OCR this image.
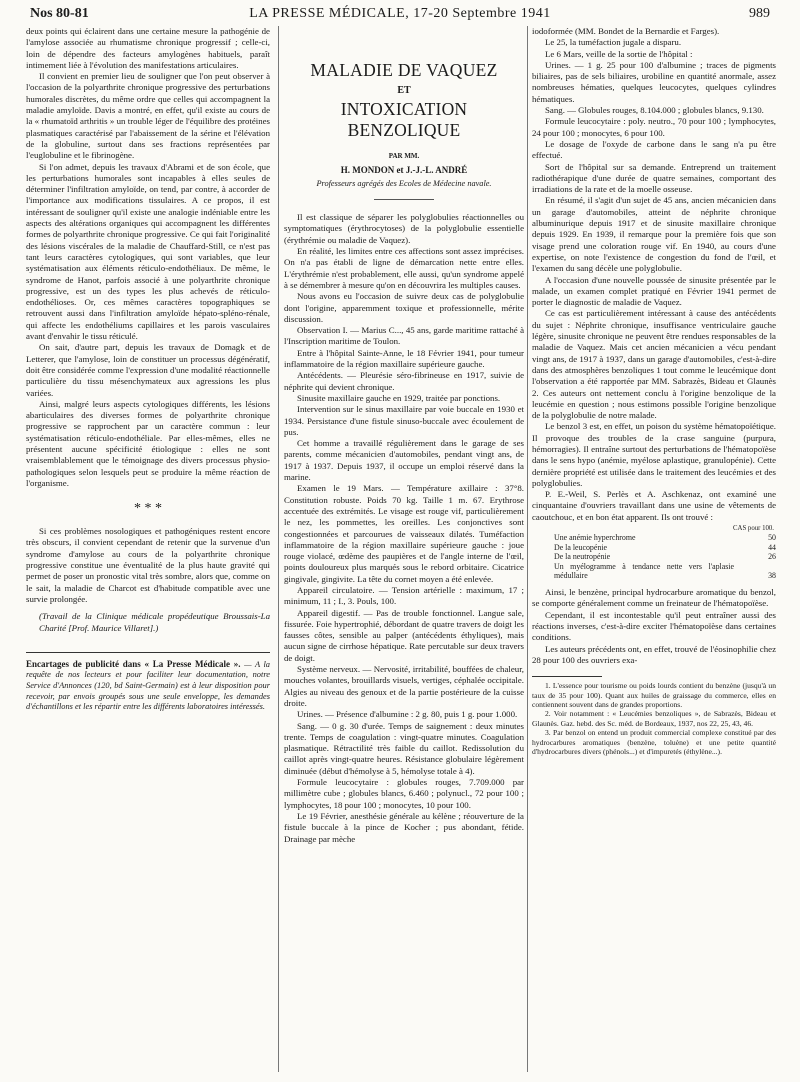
Nos 80-81	LA PRESSE MÉDICALE, 17-20 Septembre 1941	989

deux points qui éclairent dans une certaine mesure la pathogénie de l'amylose associée au rhumatisme chronique progressif ; celle-ci, loin de dépendre des facteurs amylogènes habituels, paraît intimement liée à l'évolution des manifestations articulaires.

Il convient en premier lieu de souligner que l'on peut observer à l'occasion de la polyarthrite chronique progressive des perturbations humorales discrètes, du même ordre que celles qui accompagnent la maladie amyloïde. Davis a montré, en effet, qu'il existe au cours de la « rhumatoïd arthritis » un trouble léger de l'équilibre des protéines plasmatiques caractérisé par l'abaissement de la sérine et l'élévation de la globuline, surtout dans ses fractions représentées par l'euglobuline et le fibrinogène.

Si l'on admet, depuis les travaux d'Abrami et de son école, que les perturbations humorales sont incapables à elles seules de déterminer l'infiltration amyloïde, on tend, par contre, à accorder de l'importance aux modifications tissulaires. A ce propos, il est intéressant de souligner qu'il existe une analogie indéniable entre les aspects des altérations organiques qui accompagnent les différentes formes de polyarthrite chronique progressive. Ce qui fait l'originalité des lésions viscérales de la maladie de Chauffard-Still, ce n'est pas tant leurs caractères cytologiques, qui sont variables, que leur systématisation aux éléments réticulo-endothéliaux. De même, le syndrome de Hanot, parfois associé à une polyarthrite chronique progressive, est un des types les plus achevés de réticulo-endothélioses. Or, ces mêmes caractères topographiques se retrouvent aussi dans l'infiltration amyloïde hépato-spléno-rénale, qui affecte les endothéliums capillaires et les parois vasculaires avant d'envahir le tissu réticulé.

On sait, d'autre part, depuis les travaux de Domagk et de Letterer, que l'amylose, loin de constituer un processus dégénératif, doit être considérée comme l'expression d'une modalité réactionnelle particulière du tissu mésenchymateux aux agressions les plus variées.

Ainsi, malgré leurs aspects cytologiques différents, les lésions abarticulaires des diverses formes de polyarthrite chronique progressive se rapprochent par un caractère commun : leur systématisation réticulo-endothéliale. Par elles-mêmes, elles ne présentent aucune spécificité étiologique : elles ne sont vraisemblablement que le témoignage des divers processus physio-pathologiques selon lesquels peut se produire la même réaction de l'organisme.

* * *

Si ces problèmes nosologiques et pathogéniques restent encore très obscurs, il convient cependant de retenir que la survenue d'un syndrome d'amylose au cours de la polyarthrite chronique progressive constitue une éventualité de la plus haute gravité qui permet de poser un pronostic vital très sombre, alors que, comme on le sait, la maladie de Charcot est d'habitude compatible avec une survie prolongée.

(Travail de la Clinique médicale propédeutique Broussais-La Charité [Prof. Maurice Villaret].)

Encartages de publicité dans « La Presse Médicale ». — A la requête de nos lecteurs et pour faciliter leur documentation, notre Service d'Annonces (120, bd Saint-Germain) est à leur disposition pour recevoir, par envois groupés sous une seule enveloppe, les demandes d'échantillons et les répartir entre les différents laboratoires intéressés.
MALADIE DE VAQUEZ
ET
INTOXICATION BENZOLIQUE
PAR MM.
H. MONDON et J.-J.-L. ANDRÉ
Professeurs agrégés des Ecoles de Médecine navale.

Il est classique de séparer les polyglobulies réactionnelles ou symptomatiques (érythrocytoses) de la polyglobulie essentielle (érythrémie ou maladie de Vaquez).

En réalité, les limites entre ces affections sont assez imprécises. On n'a pas établi de ligne de démarcation nette entre elles. L'érythrémie n'est probablement, elle aussi, qu'un syndrome appelé à se démembrer à mesure qu'on en découvrira les multiples causes.

Nous avons eu l'occasion de suivre deux cas de polyglobulie dont l'origine, apparemment toxique et professionnelle, mérite discussion.

Observation I. — Marius C..., 45 ans, garde maritime rattaché à l'Inscription maritime de Toulon.

Entre à l'hôpital Sainte-Anne, le 18 Février 1941, pour tumeur inflammatoire de la région maxillaire supérieure gauche.

Antécédents. — Pleurésie séro-fibrineuse en 1917, suivie de néphrite qui devient chronique.

Sinusite maxillaire gauche en 1929, traitée par ponctions.

Intervention sur le sinus maxillaire par voie buccale en 1930 et 1934. Persistance d'une fistule sinuso-buccale avec écoulement de pus.

Cet homme a travaillé régulièrement dans le garage de ses parents, comme mécanicien d'automobiles, pendant vingt ans, de 1917 à 1937. Depuis 1937, il occupe un emploi réservé dans la marine.

Examen le 19 Mars. — Température axillaire : 37°8. Constitution robuste. Poids 70 kg. Taille 1 m. 67. Erythrose accentuée des extrémités. Le visage est rouge vif, particulièrement le nez, les pommettes, les oreilles. Les conjonctives sont congestionnées et parcourues de vaisseaux dilatés. Tuméfaction inflammatoire de la région maxillaire supérieure gauche : joue rouge violacé, œdème des paupières et de l'angle interne de l'œil, points douloureux plus marqués sous le rebord orbitaire. Cicatrice gingivale, gingivite. La tête du cornet moyen a été enlevée.

Appareil circulatoire. — Tension artérielle : maximum, 17 ; minimum, 11 ; I., 3. Pouls, 100.

Appareil digestif. — Pas de trouble fonctionnel. Langue sale, fissurée. Foie hypertrophié, débordant de quatre travers de doigt les fausses côtes, sensible au palper (antécédents éthyliques), mais aucun signe de cirrhose hépatique. Rate percutable sur deux travers de doigt.

Système nerveux. — Nervosité, irritabilité, bouffées de chaleur, mouches volantes, brouillards visuels, vertiges, céphalée occipitale. Algies au niveau des genoux et de la partie postérieure de la cuisse droite.

Urines. — Présence d'albumine : 2 g. 80, puis 1 g. pour 1.000.

Sang. — 0 g. 30 d'urée. Temps de saignement : deux minutes trente. Temps de coagulation : vingt-quatre minutes. Coagulation plasmatique. Rétractilité très faible du caillot. Redissolution du caillot après vingt-quatre heures. Résistance globulaire légèrement diminuée (début d'hémolyse à 5, hémolyse totale à 4).

Formule leucocytaire : globules rouges, 7.709.000 par millimètre cube ; globules blancs, 6.460 ; polynucl., 72 pour 100 ; lymphocytes, 18 pour 100 ; monocytes, 10 pour 100.

Le 19 Février, anesthésie générale au kélène ; réouverture de la fistule buccale à la pince de Kocher ; pus abondant, fétide. Drainage par mèche

iodoformée (MM. Bondet de la Bernardie et Farges).

Le 25, la tuméfaction jugale a disparu.

Le 6 Mars, veille de la sortie de l'hôpital :

Urines. — 1 g. 25 pour 100 d'albumine ; traces de pigments biliaires, pas de sels biliaires, urobiline en quantité anormale, assez nombreuses hématies, quelques leucocytes, quelques cylindres hématiques.

Sang. — Globules rouges, 8.104.000 ; globules blancs, 9.130.

Formule leucocytaire : poly. neutro., 70 pour 100 ; lymphocytes, 24 pour 100 ; monocytes, 6 pour 100.

Le dosage de l'oxyde de carbone dans le sang n'a pu être effectué.

Sort de l'hôpital sur sa demande. Entreprend un traitement radiothérapique d'une durée de quatre semaines, comportant des irradiations de la rate et de la moelle osseuse.

En résumé, il s'agit d'un sujet de 45 ans, ancien mécanicien dans un garage d'automobiles, atteint de néphrite chronique albuminurique depuis 1917 et de sinusite maxillaire chronique depuis 1929. En 1939, il remarque pour la première fois que son visage prend une coloration rouge vif. En 1940, au cours d'une expertise, on note l'existence de congestion du fond de l'œil, et l'examen du sang décèle une polyglobulie.

A l'occasion d'une nouvelle poussée de sinusite présentée par le malade, un examen complet pratiqué en Février 1941 permet de porter le diagnostic de maladie de Vaquez.

Ce cas est particulièrement intéressant à cause des antécédents du sujet : Néphrite chronique, insuffisance ventriculaire gauche légère, sinusite chronique ne peuvent être rendues responsables de la maladie de Vaquez. Mais cet ancien mécanicien a vécu pendant vingt ans, de 1917 à 1937, dans un garage d'automobiles, c'est-à-dire dans des atmosphères benzoliques 1 tout comme le leucémique dont l'observation a été rapportée par MM. Sabrazès, Bideau et Glaunès 2. Ces auteurs ont nettement conclu à l'origine benzolique de la leucémie en question ; nous estimons possible l'origine benzolique de la polyglobulie de notre malade.

Le benzol 3 est, en effet, un poison du système hématopoïétique. Il provoque des troubles de la crase sanguine (purpura, hémorragies). Il entraîne surtout des perturbations de l'hématopoïèse dans le sens hypo (anémie, myélose aplastique, granulopénie). Cette dernière propriété est utilisée dans le traitement des leucémies et des polyglobulies.

P. E.-Weil, S. Perlès et A. Aschkenaz, ont examiné une cinquantaine d'ouvriers travaillant dans une usine de vêtements de caoutchouc, et en bon état apparent. Ils ont trouvé :

CAS pour 100.
Une anémie hyperchrome	50
De la leucopénie	44
De la neutropénie	26
Un myélogramme à tendance nette vers l'aplasie médullaire	38

Ainsi, le benzène, principal hydrocarbure aromatique du benzol, se comporte généralement comme un freinateur de l'hématopoïèse.

Cependant, il est incontestable qu'il peut entraîner aussi des réactions inverses, c'est-à-dire exciter l'hématopoïèse dans certaines conditions.

Les auteurs précédents ont, en effet, trouvé de l'éosinophilie chez 28 pour 100 des ouvriers exa-

1. L'essence pour tourisme ou poids lourds contient du benzène (jusqu'à un taux de 35 pour 100). Quant aux huiles de graissage du commerce, elles en contiennent souvent dans de grandes proportions.

2. Voir notamment : « Leucémies benzoliques », de Sabrazès, Bideau et Glaunès. Gaz. hebd. des Sc. méd. de Bordeaux, 1937, nos 22, 25, 43, 46.

3. Par benzol on entend un produit commercial complexe constitué par des hydrocarbures aromatiques (benzène, toluène) et une petite quantité d'hydrocarbures divers (phénols...) et d'impuretés (éthylène...).
